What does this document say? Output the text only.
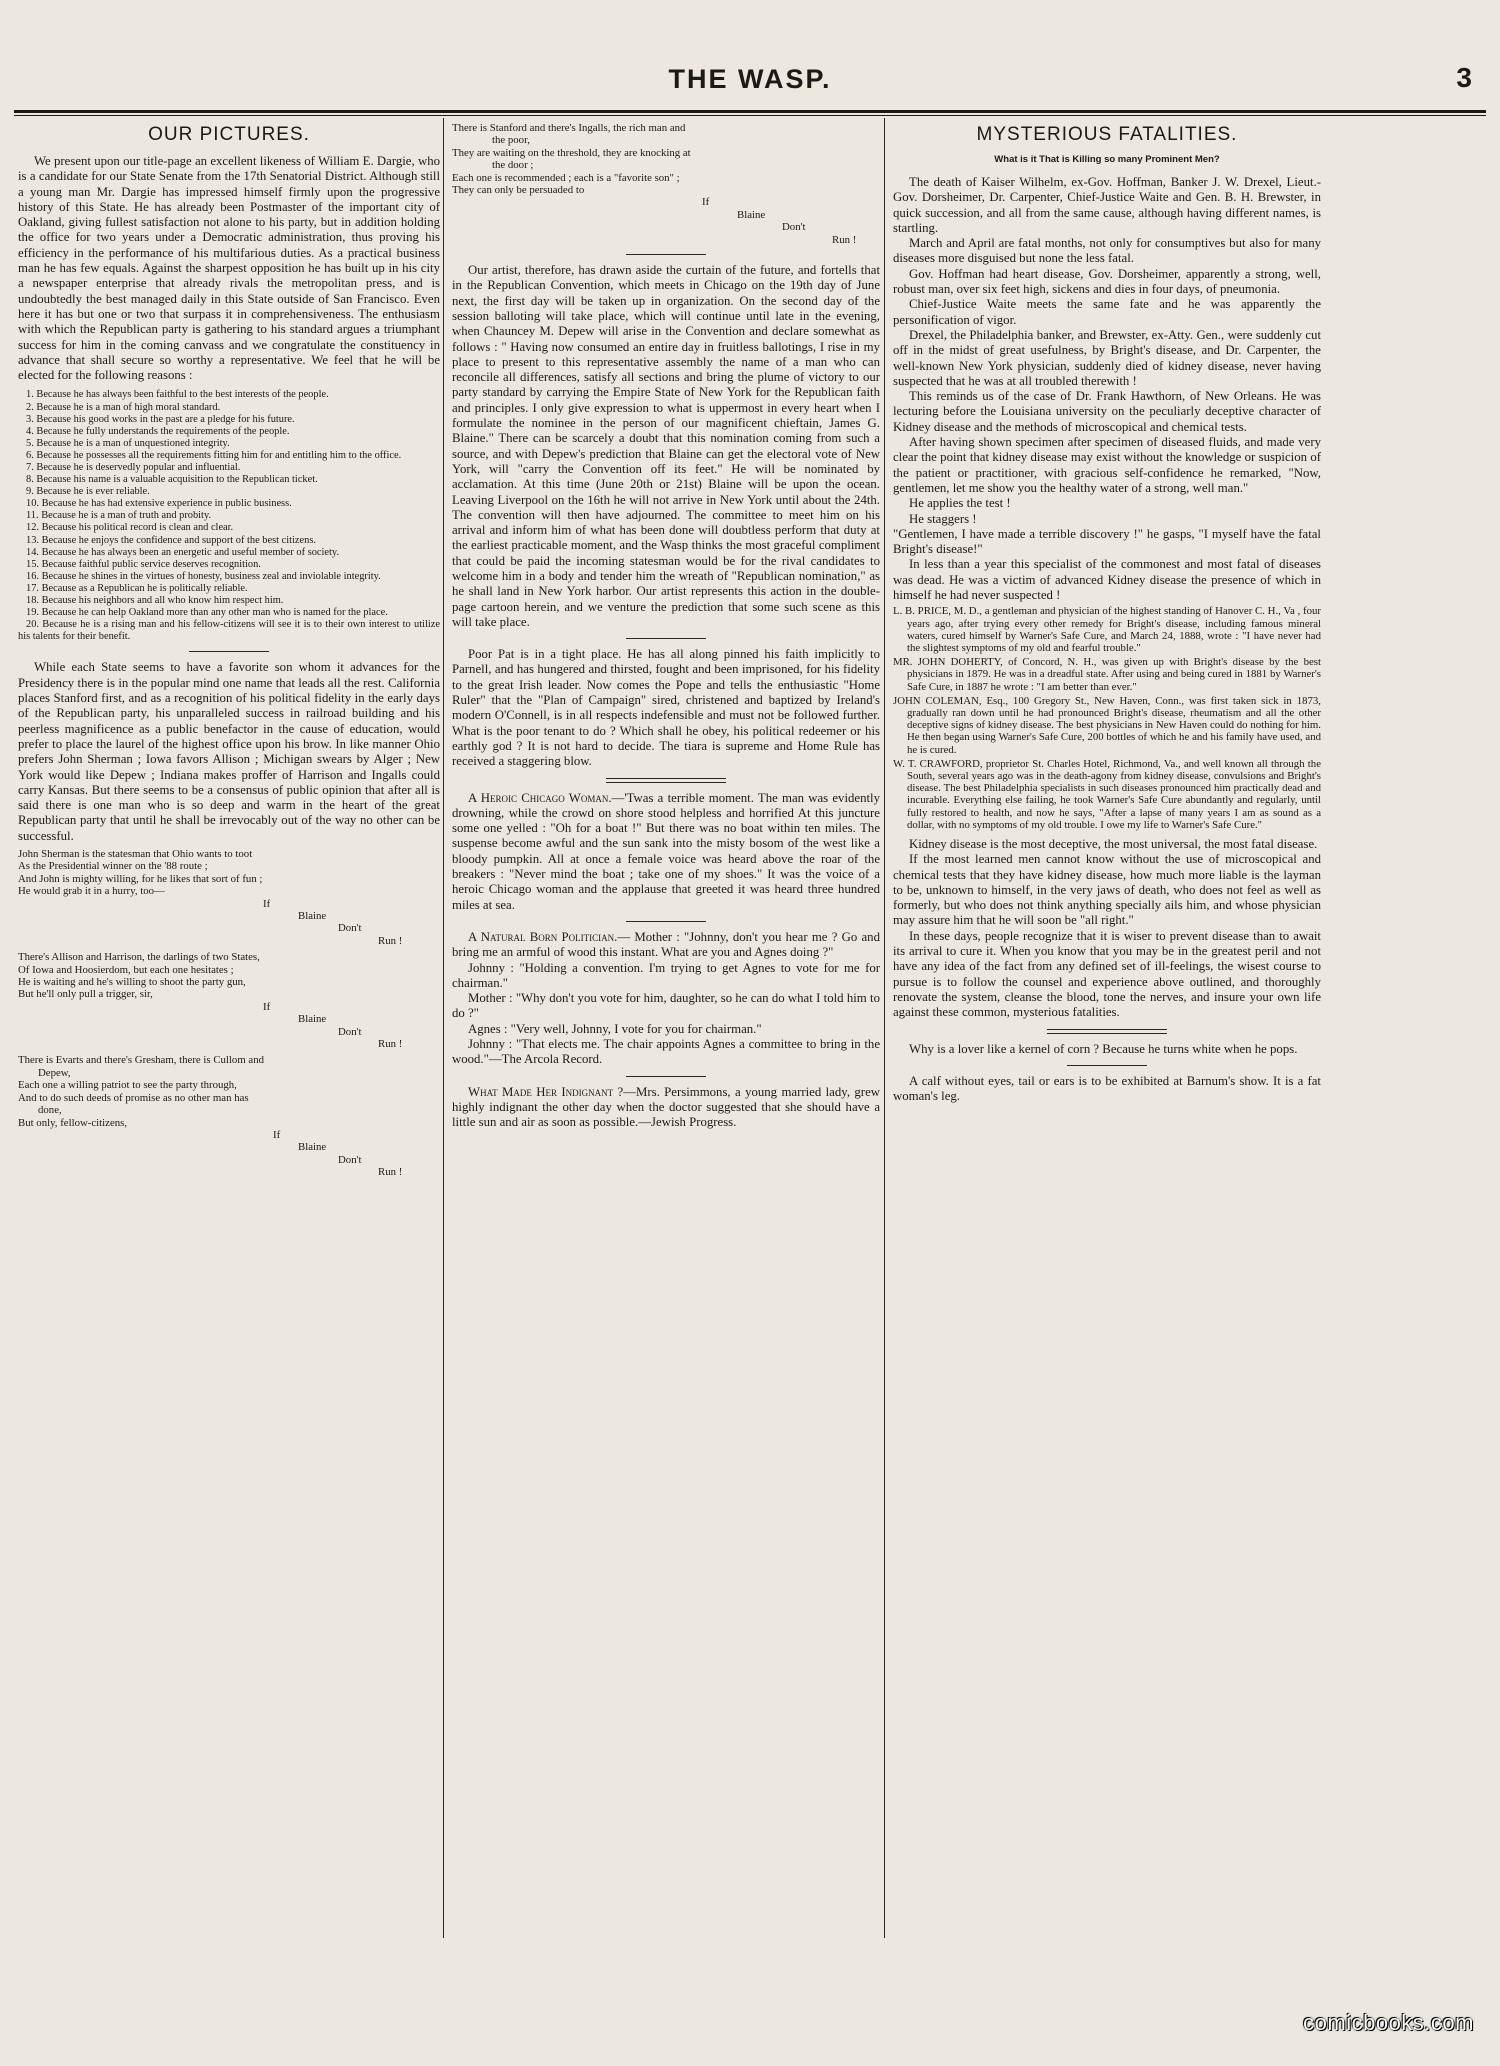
THE WASP.	3
OUR PICTURES.

We present upon our title-page an excellent likeness of William E. Dargie, who is a candidate for our State Senate from the 17th Senatorial District. Although still a young man Mr. Dargie has impressed himself firmly upon the progressive history of this State. He has already been Postmaster of the important city of Oakland, giving fullest satisfaction not alone to his party, but in addition holding the office for two years under a Democratic administration, thus proving his efficiency in the performance of his multifarious duties. As a practical business man he has few equals. Against the sharpest opposition he has built up in his city a newspaper enterprise that already rivals the metropolitan press, and is undoubtedly the best managed daily in this State outside of San Francisco. Even here it has but one or two that surpass it in comprehensiveness. The enthusiasm with which the Republican party is gathering to his standard argues a triumphant success for him in the coming canvass and we congratulate the constituency in advance that shall secure so worthy a representative. We feel that he will be elected for the following reasons :

1. Because he has always been faithful to the best interests of the people.
2. Because he is a man of high moral standard.
3. Because his good works in the past are a pledge for his future.
4. Because he fully understands the requirements of the people.
5. Because he is a man of unquestioned integrity.
6. Because he possesses all the requirements fitting him for and entitling him to the office.
7. Because he is deservedly popular and influential.
8. Because his name is a valuable acquisition to the Republican ticket.
9. Because he is ever reliable.
10. Because he has had extensive experience in public business.
11. Because he is a man of truth and probity.
12. Because his political record is clean and clear.
13. Because he enjoys the confidence and support of the best citizens.
14. Because he has always been an energetic and useful member of society.
15. Because faithful public service deserves recognition.
16. Because he shines in the virtues of honesty, business zeal and inviolable integrity.
17. Because as a Republican he is politically reliable.
18. Because his neighbors and all who know him respect him.
19. Because he can help Oakland more than any other man who is named for the place.
20. Because he is a rising man and his fellow-citizens will see it is to their own interest to utilize his talents for their benefit.

While each State seems to have a favorite son whom it advances for the Presidency there is in the popular mind one name that leads all the rest. California places Stanford first, and as a recognition of his political fidelity in the early days of the Republican party, his unparalleled success in railroad building and his peerless magnificence as a public benefactor in the cause of education, would prefer to place the laurel of the highest office upon his brow. In like manner Ohio prefers John Sherman ; Iowa favors Allison ; Michigan swears by Alger ; New York would like Depew ; Indiana makes proffer of Harrison and Ingalls could carry Kansas. But there seems to be a consensus of public opinion that after all is said there is one man who is so deep and warm in the heart of the great Republican party that until he shall be irrevocably out of the way no other can be successful.

John Sherman is the statesman that Ohio wants to toot
As the Presidential winner on the '88 route ;
And John is mighty willing, for he likes that sort of fun ;
He would grab it in a hurry, too—
If
Blaine
Don't
Run !
There's Allison and Harrison, the darlings of two States,
Of Iowa and Hoosierdom, but each one hesitates ;
He is waiting and he's willing to shoot the party gun,
But he'll only pull a trigger, sir,
If
Blaine
Don't
Run !
There is Evarts and there's Gresham, there is Cullom and
Depew,
Each one a willing patriot to see the party through,
And to do such deeds of promise as no other man has
done,
But only, fellow-citizens,
If
Blaine
Don't
Run !
There is Stanford and there's Ingalls, the rich man and
the poor,
They are waiting on the threshold, they are knocking at
the door ;
Each one is recommended ; each is a "favorite son" ;
They can only be persuaded to
If
Blaine
Don't
Run !

Our artist, therefore, has drawn aside the curtain of the future, and fortells that in the Republican Convention, which meets in Chicago on the 19th day of June next, the first day will be taken up in organization. On the second day of the session balloting will take place, which will continue until late in the evening, when Chauncey M. Depew will arise in the Convention and declare somewhat as follows : " Having now consumed an entire day in fruitless ballotings, I rise in my place to present to this representative assembly the name of a man who can reconcile all differences, satisfy all sections and bring the plume of victory to our party standard by carrying the Empire State of New York for the Republican faith and principles. I only give expression to what is uppermost in every heart when I formulate the nominee in the person of our magnificent chieftain, James G. Blaine." There can be scarcely a doubt that this nomination coming from such a source, and with Depew's prediction that Blaine can get the electoral vote of New York, will "carry the Convention off its feet." He will be nominated by acclamation. At this time (June 20th or 21st) Blaine will be upon the ocean. Leaving Liverpool on the 16th he will not arrive in New York until about the 24th. The convention will then have adjourned. The committee to meet him on his arrival and inform him of what has been done will doubtless perform that duty at the earliest practicable moment, and the Wasp thinks the most graceful compliment that could be paid the incoming statesman would be for the rival candidates to welcome him in a body and tender him the wreath of "Republican nomination," as he shall land in New York harbor. Our artist represents this action in the double-page cartoon herein, and we venture the prediction that some such scene as this will take place.

Poor Pat is in a tight place. He has all along pinned his faith implicitly to Parnell, and has hungered and thirsted, fought and been imprisoned, for his fidelity to the great Irish leader. Now comes the Pope and tells the enthusiastic "Home Ruler" that the "Plan of Campaign" sired, christened and baptized by Ireland's modern O'Connell, is in all respects indefensible and must not be followed further. What is the poor tenant to do ? Which shall he obey, his political redeemer or his earthly god ? It is not hard to decide. The tiara is supreme and Home Rule has received a staggering blow.

A Heroic Chicago Woman.—'Twas a terrible moment. The man was evidently drowning, while the crowd on shore stood helpless and horrified At this juncture some one yelled : "Oh for a boat !" But there was no boat within ten miles. The suspense become awful and the sun sank into the misty bosom of the west like a bloody pumpkin. All at once a female voice was heard above the roar of the breakers : "Never mind the boat ; take one of my shoes." It was the voice of a heroic Chicago woman and the applause that greeted it was heard three hundred miles at sea.

A Natural Born Politician.— Mother : "Johnny, don't you hear me ? Go and bring me an armful of wood this instant. What are you and Agnes doing ?"

Johnny : "Holding a convention. I'm trying to get Agnes to vote for me for chairman."

Mother : "Why don't you vote for him, daughter, so he can do what I told him to do ?"

Agnes : "Very well, Johnny, I vote for you for chairman."

Johnny : "That elects me. The chair appoints Agnes a committee to bring in the wood."—The Arcola Record.

What Made Her Indignant ?—Mrs. Persimmons, a young married lady, grew highly indignant the other day when the doctor suggested that she should have a little sun and air as soon as possible.—Jewish Progress.

MYSTERIOUS FATALITIES.
What is it That is Killing so many Prominent Men?

The death of Kaiser Wilhelm, ex-Gov. Hoffman, Banker J. W. Drexel, Lieut.-Gov. Dorsheimer, Dr. Carpenter, Chief-Justice Waite and Gen. B. H. Brewster, in quick succession, and all from the same cause, although having different names, is startling.

March and April are fatal months, not only for consumptives but also for many diseases more disguised but none the less fatal.

Gov. Hoffman had heart disease, Gov. Dorsheimer, apparently a strong, well, robust man, over six feet high, sickens and dies in four days, of pneumonia.

Chief-Justice Waite meets the same fate and he was apparently the personification of vigor.

Drexel, the Philadelphia banker, and Brewster, ex-Atty. Gen., were suddenly cut off in the midst of great usefulness, by Bright's disease, and Dr. Carpenter, the well-known New York physician, suddenly died of kidney disease, never having suspected that he was at all troubled therewith !

This reminds us of the case of Dr. Frank Hawthorn, of New Orleans. He was lecturing before the Louisiana university on the peculiarly deceptive character of Kidney disease and the methods of microscopical and chemical tests.

After having shown specimen after specimen of diseased fluids, and made very clear the point that kidney disease may exist without the knowledge or suspicion of the patient or practitioner, with gracious self-confidence he remarked, "Now, gentlemen, let me show you the healthy water of a strong, well man."

He applies the test !

He staggers !

"Gentlemen, I have made a terrible discovery !" he gasps, "I myself have the fatal Bright's disease!"

In less than a year this specialist of the commonest and most fatal of diseases was dead. He was a victim of advanced Kidney disease the presence of which in himself he had never suspected !

L. B. PRICE, M. D., a gentleman and physician of the highest standing of Hanover C. H., Va , four years ago, after trying every other remedy for Bright's disease, including famous mineral waters, cured himself by Warner's Safe Cure, and March 24, 1888, wrote : "I have never had the slightest symptoms of my old and fearful trouble."
MR. JOHN DOHERTY, of Concord, N. H., was given up with Bright's disease by the best physicians in 1879. He was in a dreadful state. After using and being cured in 1881 by Warner's Safe Cure, in 1887 he wrote : "I am better than ever."
JOHN COLEMAN, Esq., 100 Gregory St., New Haven, Conn., was first taken sick in 1873, gradually ran down until he had pronounced Bright's disease, rheumatism and all the other deceptive signs of kidney disease. The best physicians in New Haven could do nothing for him. He then began using Warner's Safe Cure, 200 bottles of which he and his family have used, and he is cured.
W. T. CRAWFORD, proprietor St. Charles Hotel, Richmond, Va., and well known all through the South, several years ago was in the death-agony from kidney disease, convulsions and Bright's disease. The best Philadelphia specialists in such diseases pronounced him practically dead and incurable. Everything else failing, he took Warner's Safe Cure abundantly and regularly, until fully restored to health, and now he says, "After a lapse of many years I am as sound as a dollar, with no symptoms of my old trouble. I owe my life to Warner's Safe Cure."

Kidney disease is the most deceptive, the most universal, the most fatal disease.

If the most learned men cannot know without the use of microscopical and chemical tests that they have kidney disease, how much more liable is the layman to be, unknown to himself, in the very jaws of death, who does not feel as well as formerly, but who does not think anything specially ails him, and whose physician may assure him that he will soon be "all right."

In these days, people recognize that it is wiser to prevent disease than to await its arrival to cure it. When you know that you may be in the greatest peril and not have any idea of the fact from any defined set of ill-feelings, the wisest course to pursue is to follow the counsel and experience above outlined, and thoroughly renovate the system, cleanse the blood, tone the nerves, and insure your own life against these common, mysterious fatalities.

Why is a lover like a kernel of corn ? Because he turns white when he pops.

A calf without eyes, tail or ears is to be exhibited at Barnum's show. It is a fat woman's leg.

comicbooks.com
